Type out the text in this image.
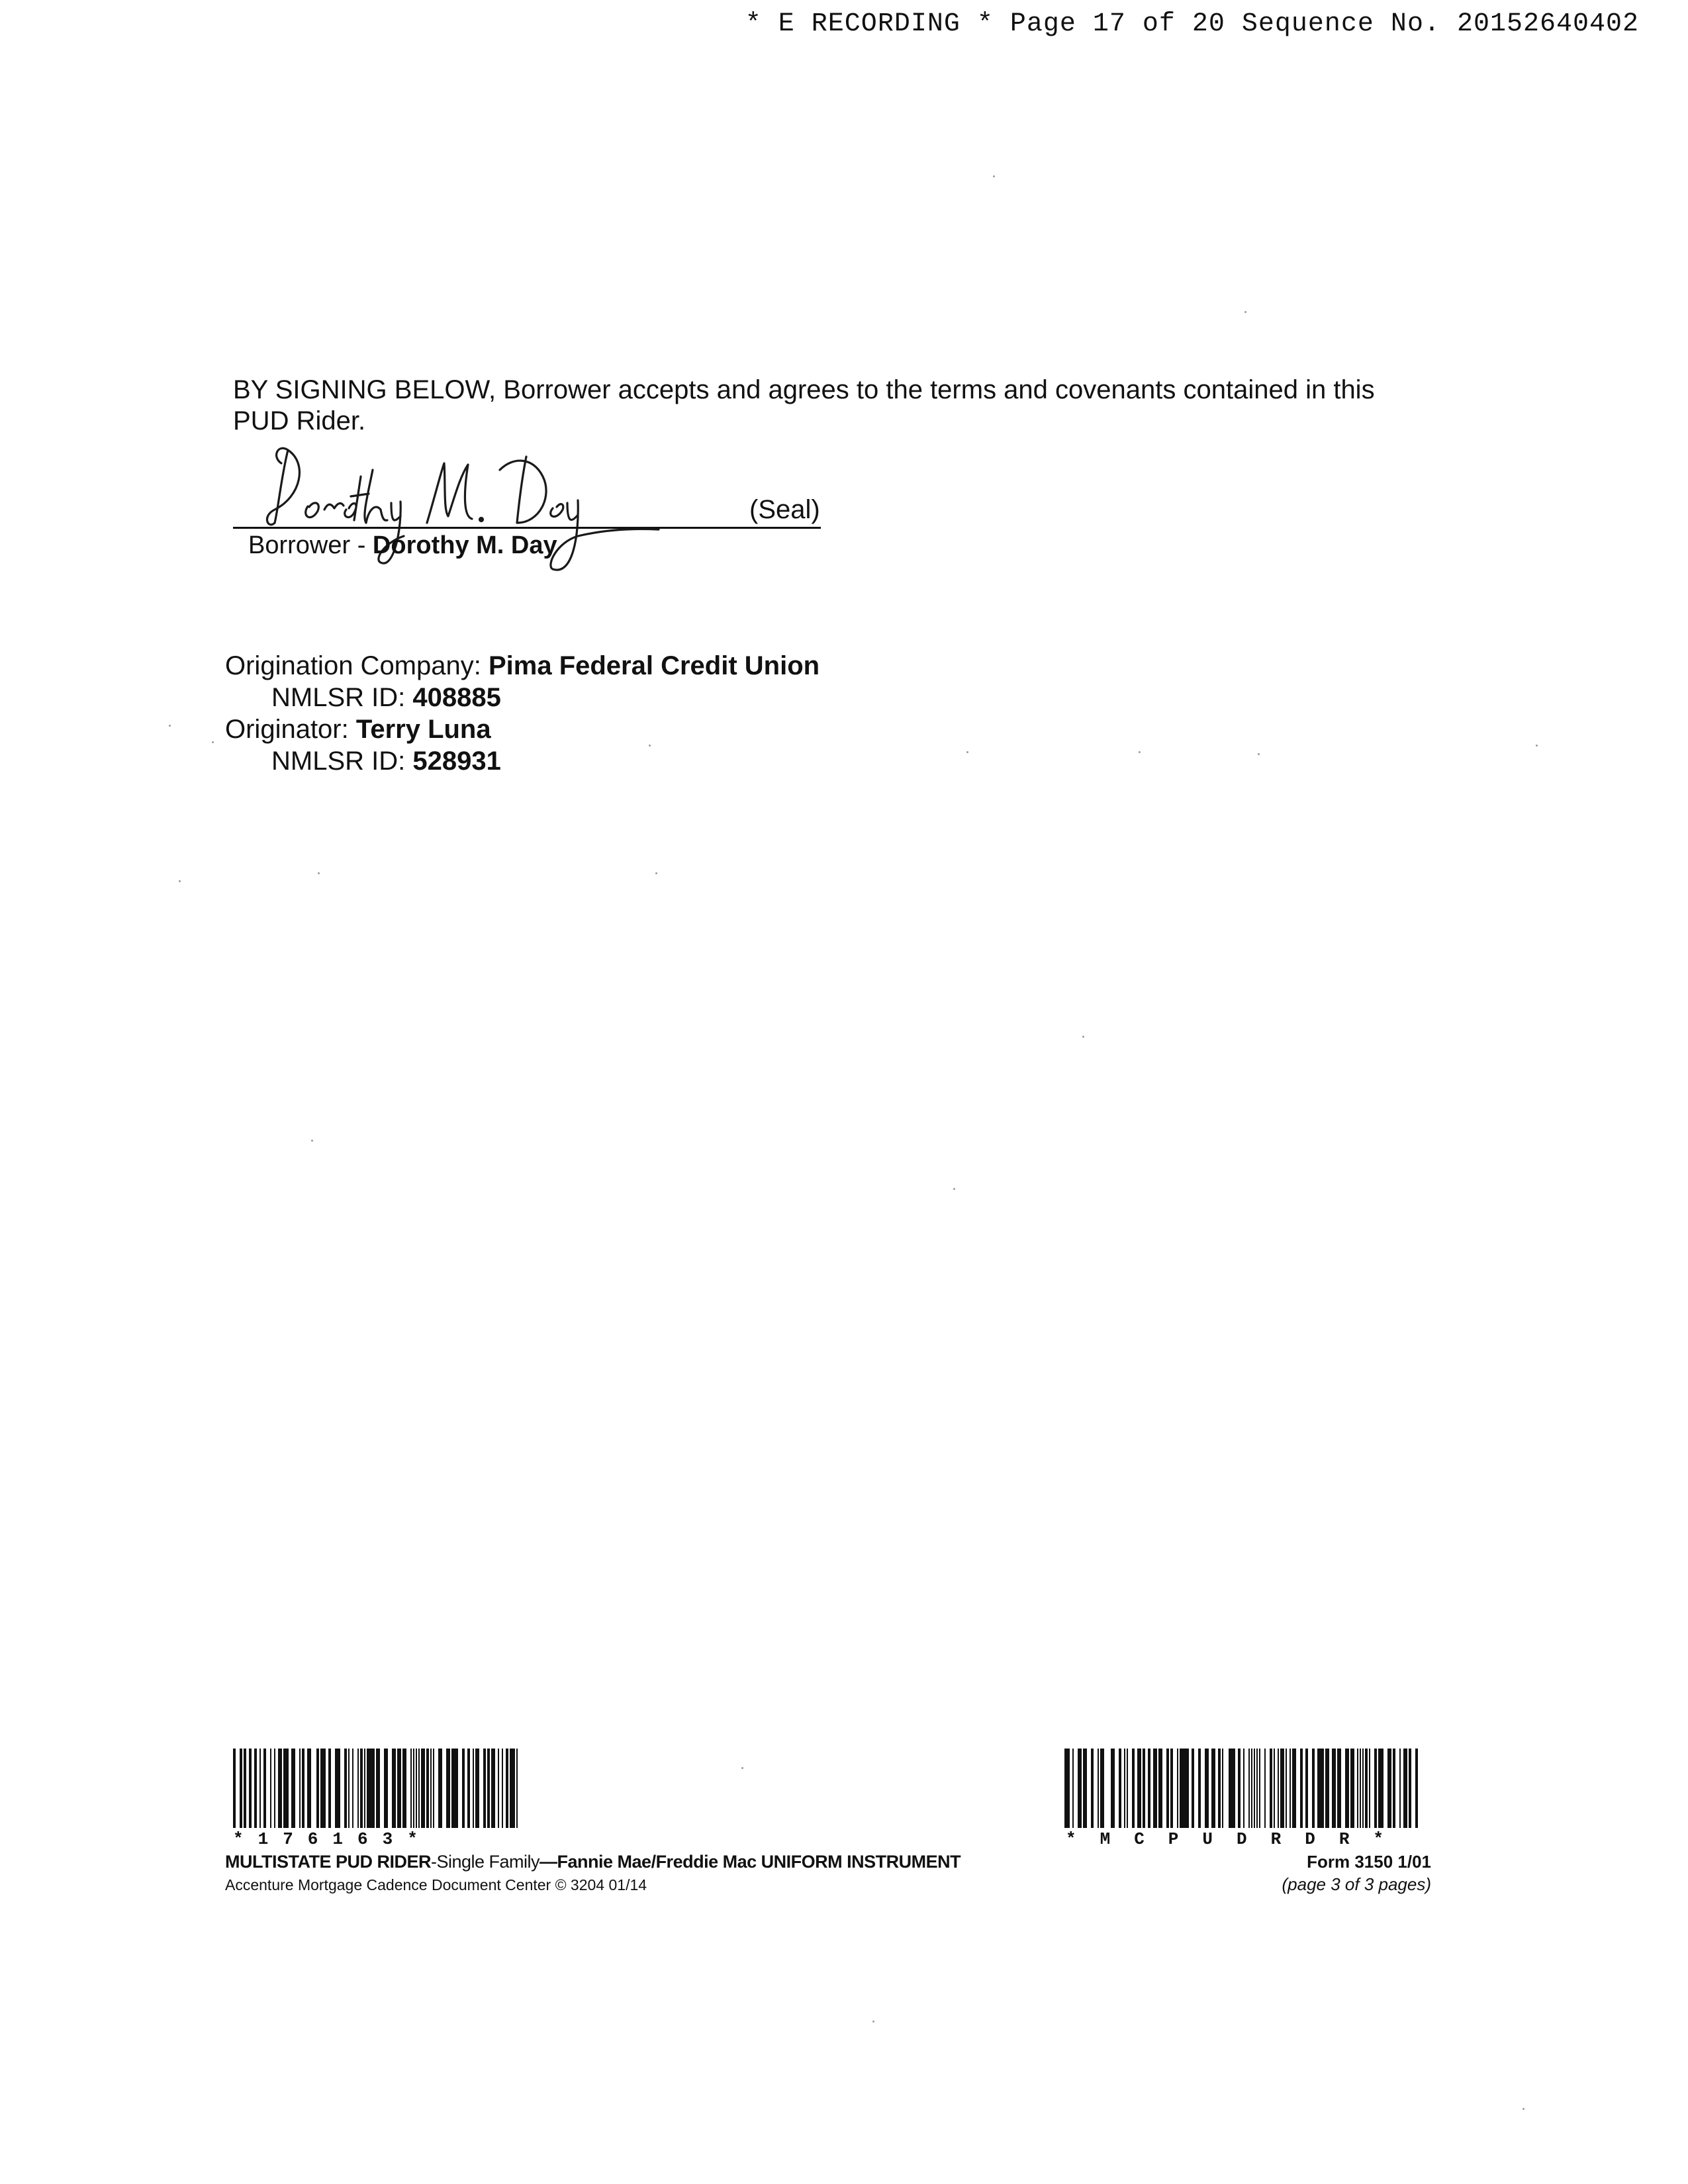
* E RECORDING * Page 17 of 20 Sequence No. 20152640402
BY SIGNING BELOW, Borrower accepts and agrees to the terms and covenants contained in this PUD Rider.
(Seal)
Borrower - Dorothy M. Day
Origination Company: Pima Federal Credit Union
NMLSR ID: 408885
Originator: Terry Luna
NMLSR ID: 528931
*176163*	*MCPUDRDR*
MULTISTATE PUD RIDER-Single Family—Fannie Mae/Freddie Mac UNIFORM INSTRUMENT
Accenture Mortgage Cadence Document Center © 3204 01/14
Form 3150 1/01
(page 3 of 3 pages)
